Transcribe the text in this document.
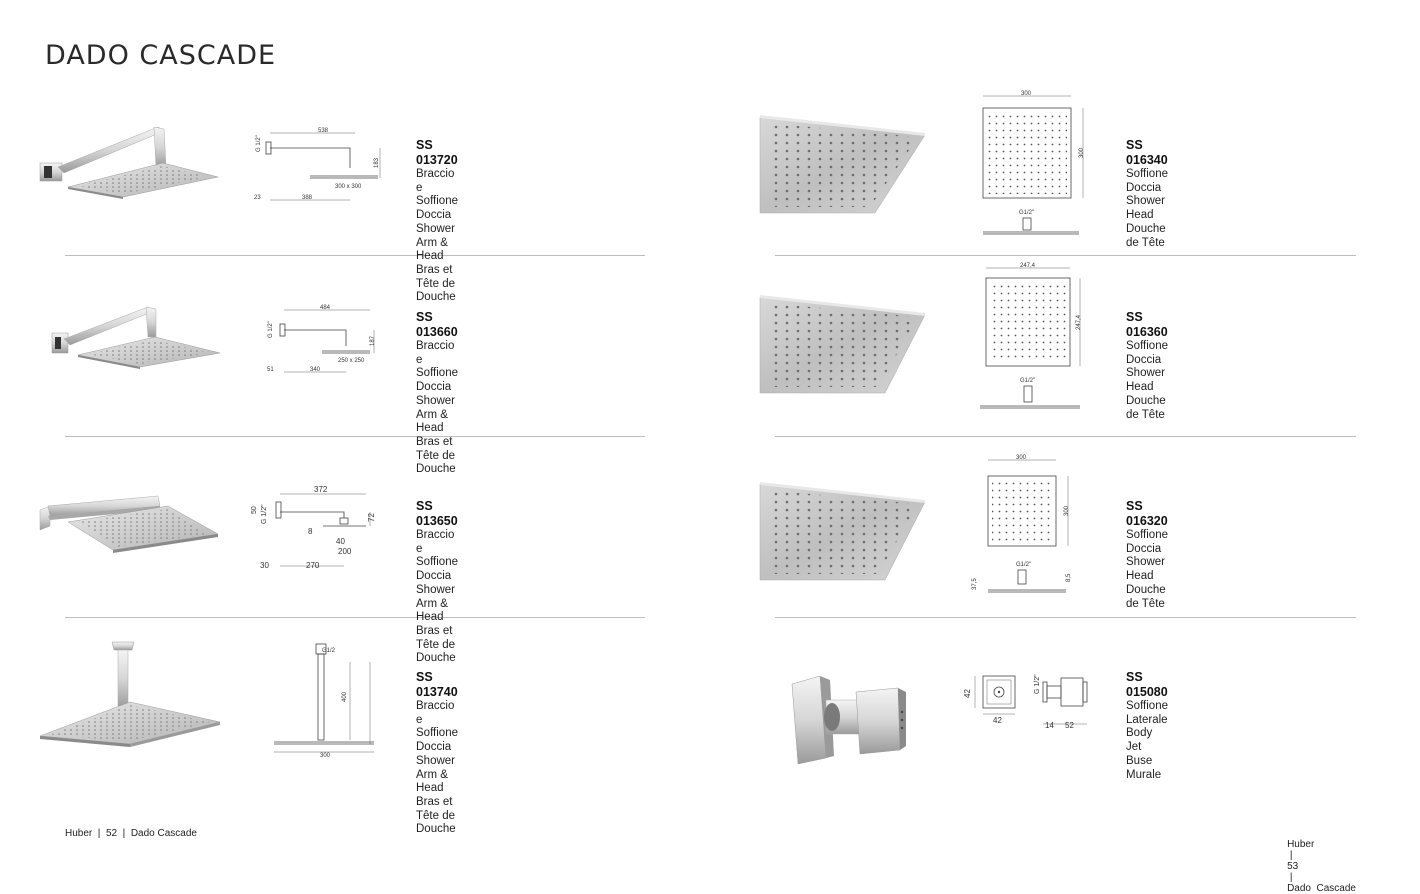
DADO CASCADE
538
183
300 x 300
388
23
G 1/2"	SS 013720
Braccio e Soffione Doccia
Shower Arm & Head
Bras et Tête de Douche
484
187
250 x 250
340
51
G 1/2"
SS 013660
Braccio e Soffione Doccia
Shower Arm & Head
Bras et Tête de Douche
372
72
200
40
8
270
30
50 G 1/2"	SS 013650
Braccio e Soffione Doccia
Shower Arm & Head
Bras et Tête de Douche
G1/2
400
300
SS 013740
Braccio e Soffione Doccia
Shower Arm & Head
Bras et Tête de Douche
300
300
G1/2"
SS 016340
Soffione Doccia
Shower Head
Douche de Tête
247,4
247,4
G1/2"
SS 016360
Soffione Doccia
Shower Head
Douche de Tête
300
300
G1/2"
37,5
8,5
SS 016320
Soffione Doccia
Shower Head
Douche de Tête
42
42
G 1/2"
14 52
SS 015080
Soffione Laterale
Body Jet
Buse Murale
Huber  |  52  |  Dado Cascade

Huber
|
53
|
Dado  Cascade
